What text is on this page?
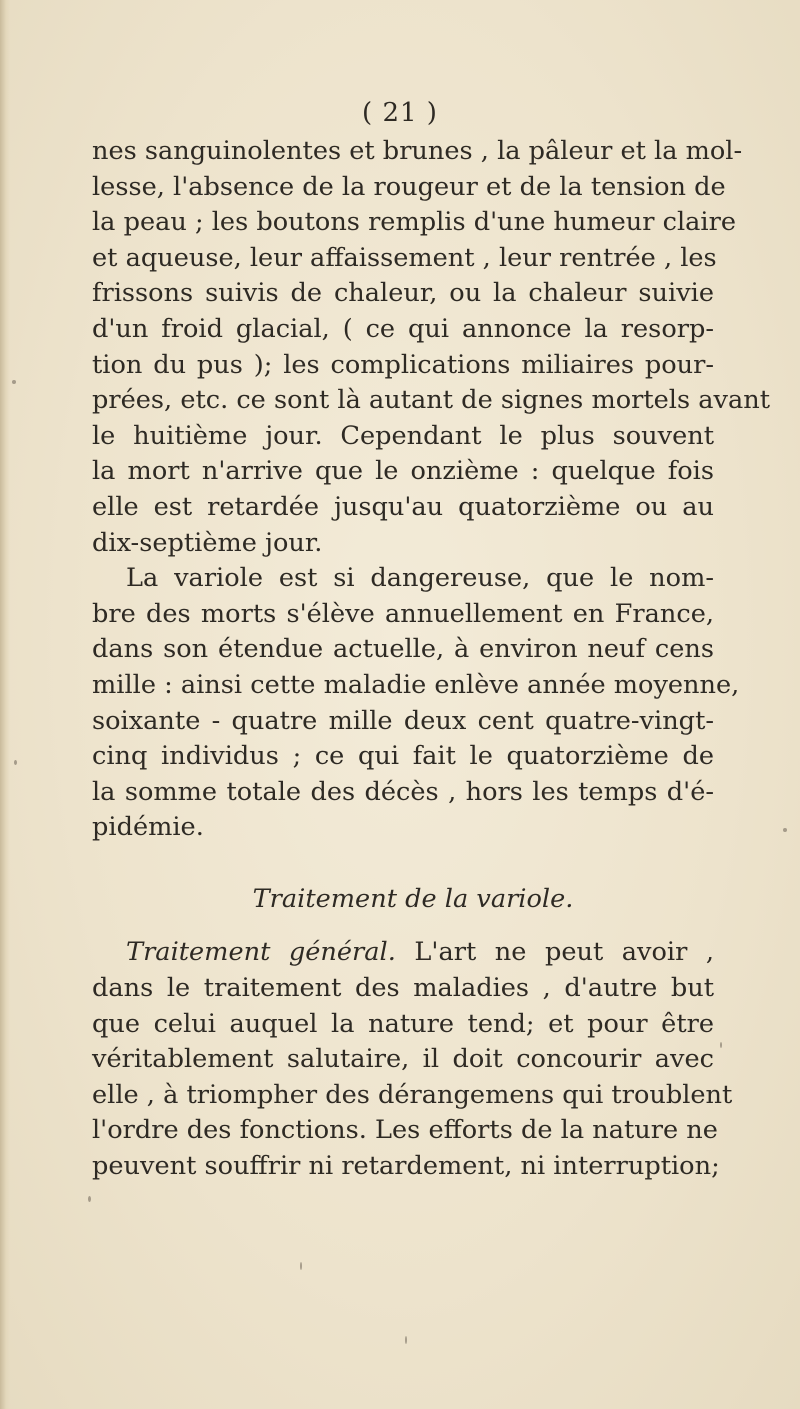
( 21 )
nes sanguinolentes et brunes , la pâleur et la mol-
lesse, l'absence de la rougeur et de la tension de
la peau ; les boutons remplis d'une humeur claire
et aqueuse, leur affaissement , leur rentrée , les
frissons suivis de chaleur, ou la chaleur suivie
d'un froid glacial, ( ce qui annonce la resorp-
tion du pus ); les complications miliaires pour-
prées, etc. ce sont là autant de signes mortels avant
le huitième jour. Cependant le plus souvent
la mort n'arrive que le onzième : quelque fois
elle est retardée jusqu'au quatorzième ou au
dix-septième jour.
La variole est si dangereuse, que le nom-
bre des morts s'élève annuellement en France,
dans son étendue actuelle, à environ neuf cens
mille : ainsi cette maladie enlève année moyenne,
soixante - quatre mille deux cent quatre-vingt-
cinq individus ; ce qui fait le quatorzième de
la somme totale des décès , hors les temps d'é-
pidémie.
Traitement de la variole.
Traitement général. L'art ne peut avoir ,
dans le traitement des maladies , d'autre but
que celui auquel la nature tend; et pour être
véritablement salutaire, il doit concourir avec
elle , à triompher des dérangemens qui troublent
l'ordre des fonctions. Les efforts de la nature ne
peuvent souffrir ni retardement, ni interruption;
